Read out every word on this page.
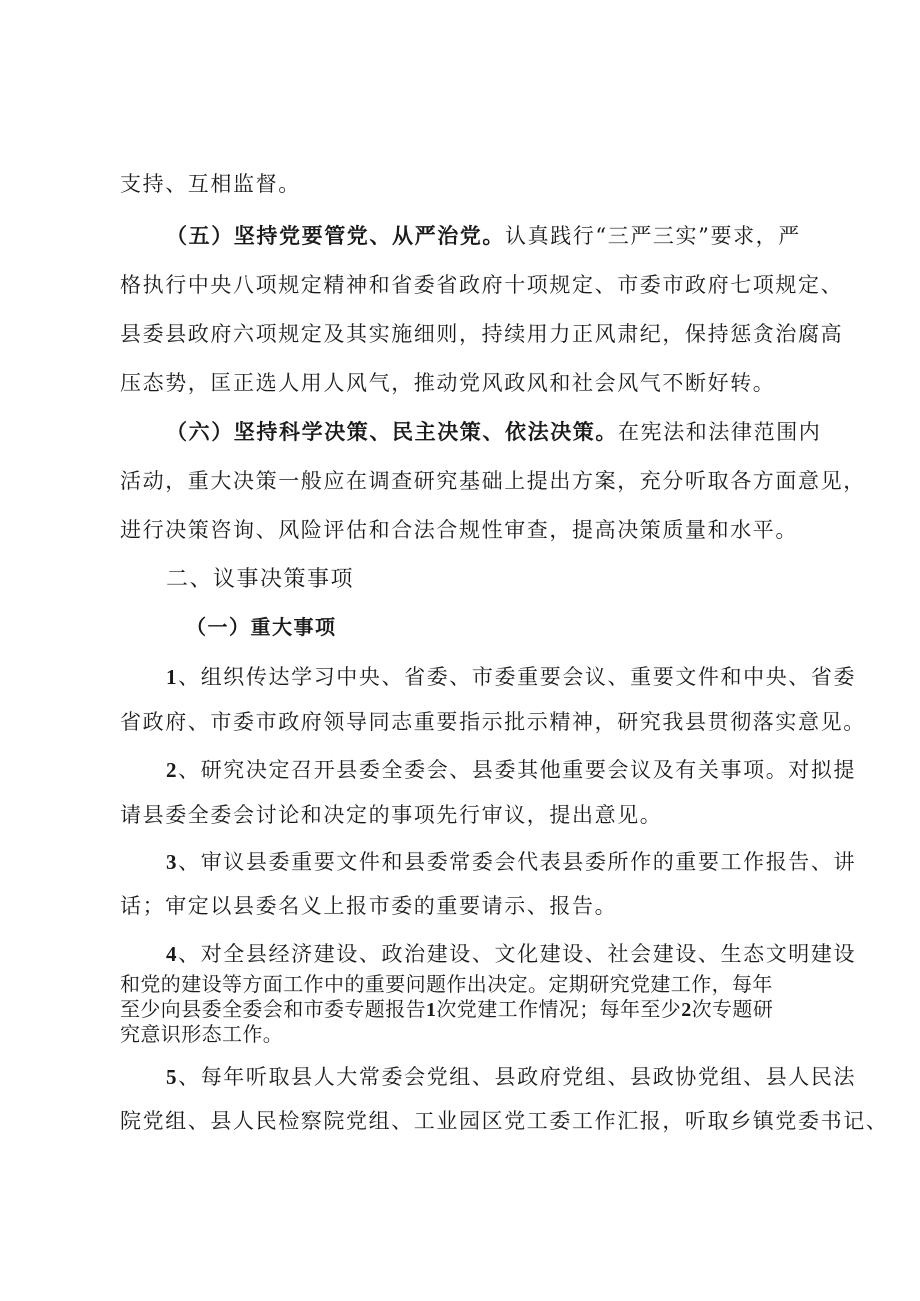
支持、互相监督。
（五）坚持党要管党、从严治党。认真践行“三严三实”要求，严
格执行中央八项规定精神和省委省政府十项规定、市委市政府七项规定、
县委县政府六项规定及其实施细则，持续用力正风肃纪，保持惩贪治腐高
压态势，匡正选人用人风气，推动党风政风和社会风气不断好转。
（六）坚持科学决策、民主决策、依法决策。在宪法和法律范围内
活动，重大决策一般应在调查研究基础上提出方案，充分听取各方面意见，
进行决策咨询、风险评估和合法合规性审查，提高决策质量和水平。
二、议事决策事项
（一）重大事项
1、组织传达学习中央、省委、市委重要会议、重要文件和中央、省委
省政府、市委市政府领导同志重要指示批示精神，研究我县贯彻落实意见。
2、研究决定召开县委全委会、县委其他重要会议及有关事项。对拟提
请县委全委会讨论和决定的事项先行审议，提出意见。
3、审议县委重要文件和县委常委会代表县委所作的重要工作报告、讲
话；审定以县委名义上报市委的重要请示、报告。
4、对全县经济建设、政治建设、文化建设、社会建设、生态文明建设
和党的建设等方面工作中的重要问题作出决定。定期研究党建工作，每年
至少向县委全委会和市委专题报告1次党建工作情况；每年至少2次专题研
究意识形态工作。
5、每年听取县人大常委会党组、县政府党组、县政协党组、县人民法
院党组、县人民检察院党组、工业园区党工委工作汇报，听取乡镇党委书记、
